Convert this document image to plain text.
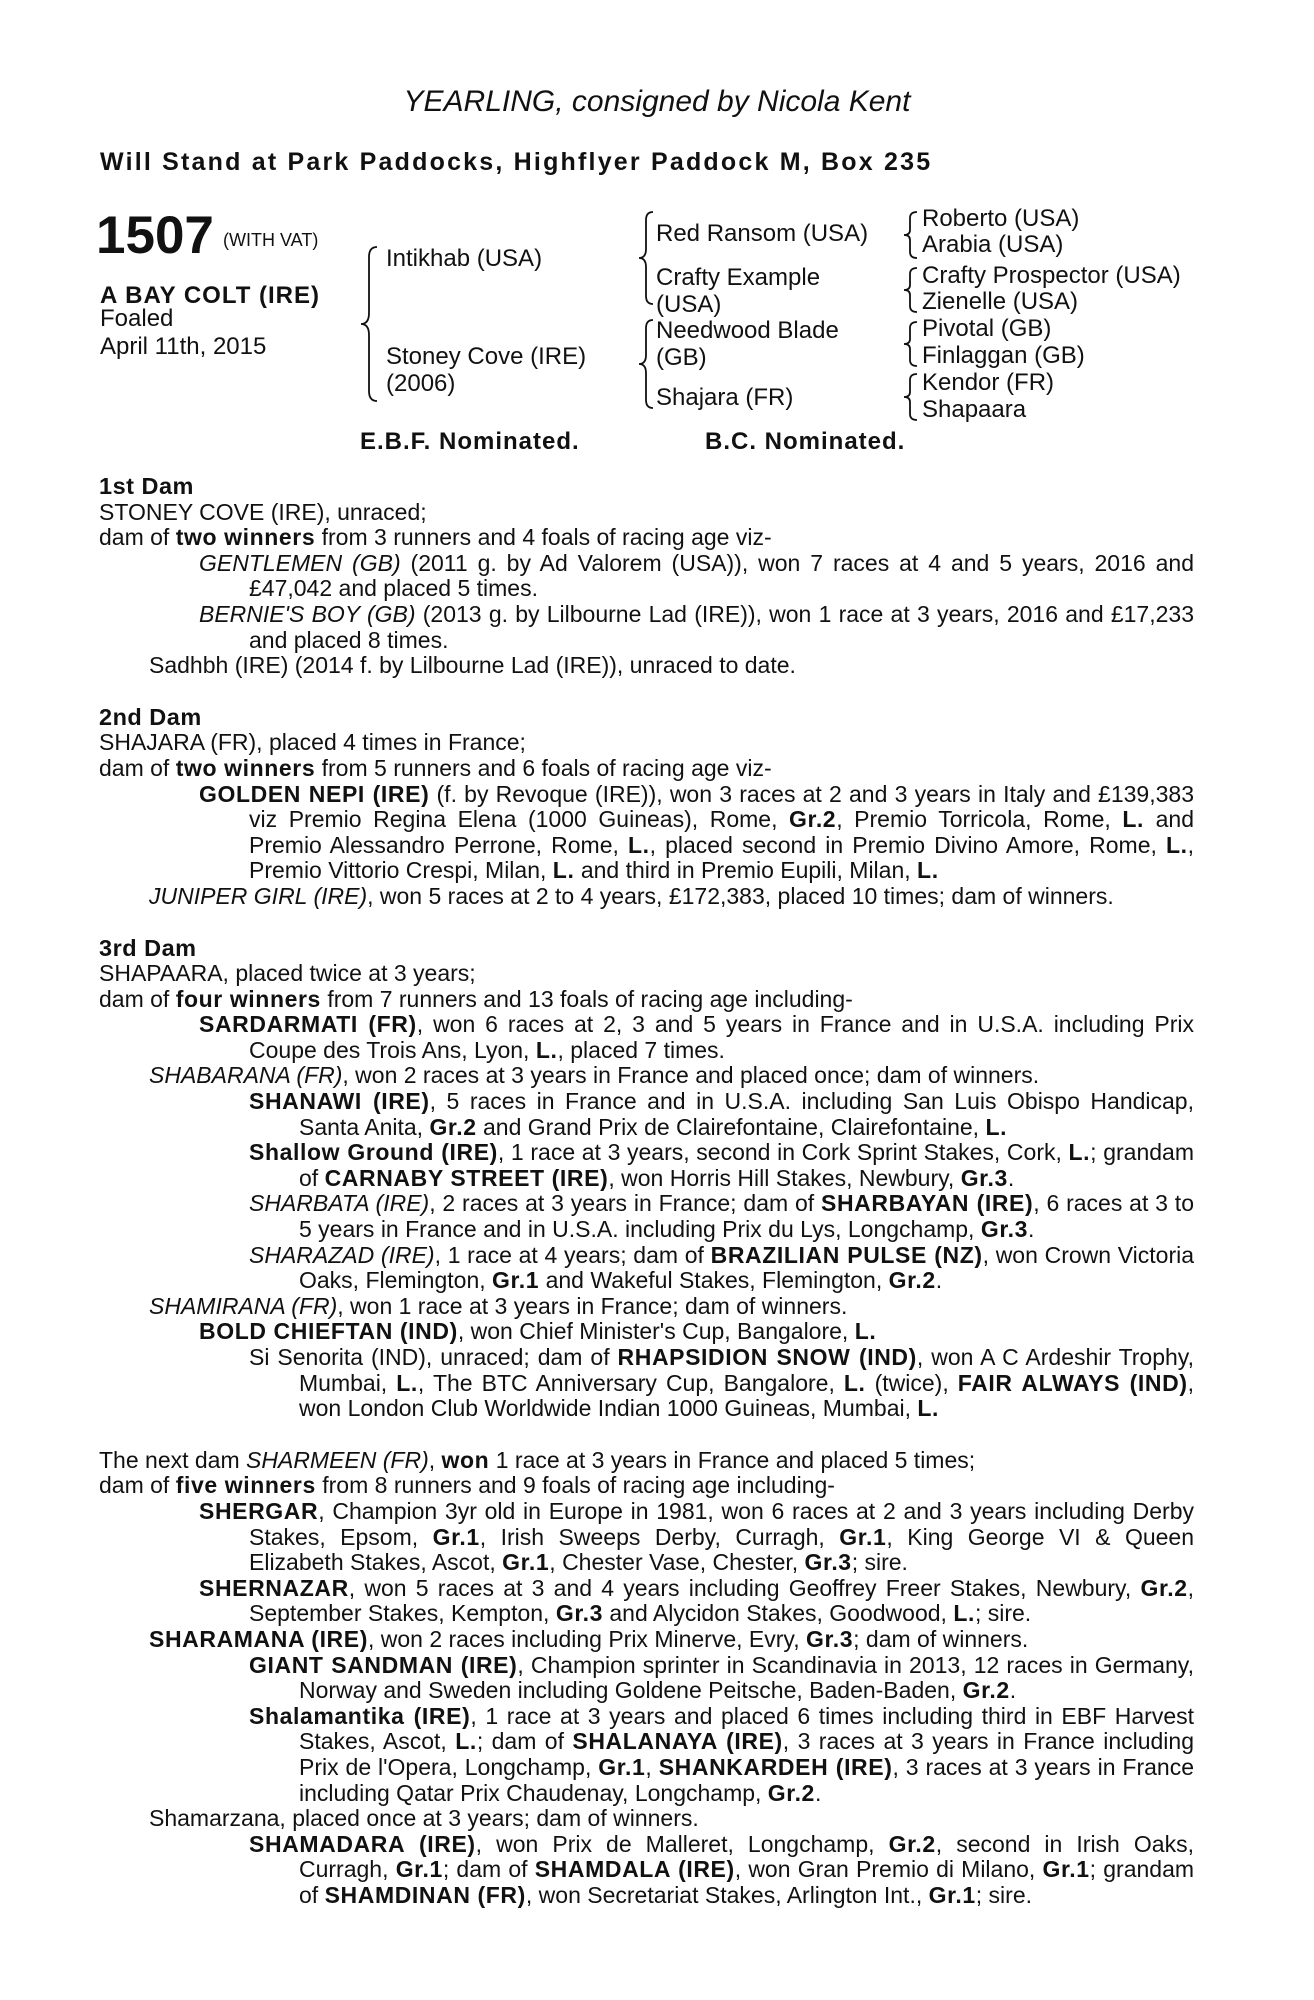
YEARLING, consigned by Nicola Kent
Will Stand at Park Paddocks, Highflyer Paddock M, Box 235
1507 (WITH VAT)
A BAY COLT (IRE)
Foaled
April 11th, 2015
Intikhab (USA)
Stoney Cove (IRE)
(2006)
Red Ransom (USA)
Crafty Example
(USA)
Needwood Blade
(GB)
Shajara (FR)
Roberto (USA)
Arabia (USA)
Crafty Prospector (USA)
Zienelle (USA)
Pivotal (GB)
Finlaggan (GB)
Kendor (FR)
Shapaara
E.B.F. Nominated.	B.C. Nominated.
1st Dam
STONEY COVE (IRE), unraced;
dam of two winners from 3 runners and 4 foals of racing age viz-
GENTLEMEN (GB) (2011 g. by Ad Valorem (USA)), won 7 races at 4 and 5 years, 2016 and £47,042 and placed 5 times.
BERNIE'S BOY (GB) (2013 g. by Lilbourne Lad (IRE)), won 1 race at 3 years, 2016 and £17,233 and placed 8 times.
Sadhbh (IRE) (2014 f. by Lilbourne Lad (IRE)), unraced to date.
2nd Dam
SHAJARA (FR), placed 4 times in France;
dam of two winners from 5 runners and 6 foals of racing age viz-
GOLDEN NEPI (IRE) (f. by Revoque (IRE)), won 3 races at 2 and 3 years in Italy and £139,383 viz Premio Regina Elena (1000 Guineas), Rome, Gr.2, Premio Torricola, Rome, L. and Premio Alessandro Perrone, Rome, L., placed second in Premio Divino Amore, Rome, L., Premio Vittorio Crespi, Milan, L. and third in Premio Eupili, Milan, L.
JUNIPER GIRL (IRE), won 5 races at 2 to 4 years, £172,383, placed 10 times; dam of winners.
3rd Dam
SHAPAARA, placed twice at 3 years;
dam of four winners from 7 runners and 13 foals of racing age including-
SARDARMATI (FR), won 6 races at 2, 3 and 5 years in France and in U.S.A. including Prix Coupe des Trois Ans, Lyon, L., placed 7 times.
SHABARANA (FR), won 2 races at 3 years in France and placed once; dam of winners.
SHANAWI (IRE), 5 races in France and in U.S.A. including San Luis Obispo Handicap, Santa Anita, Gr.2 and Grand Prix de Clairefontaine, Clairefontaine, L.
Shallow Ground (IRE), 1 race at 3 years, second in Cork Sprint Stakes, Cork, L.; grandam of CARNABY STREET (IRE), won Horris Hill Stakes, Newbury, Gr.3.
SHARBATA (IRE), 2 races at 3 years in France; dam of SHARBAYAN (IRE), 6 races at 3 to 5 years in France and in U.S.A. including Prix du Lys, Longchamp, Gr.3.
SHARAZAD (IRE), 1 race at 4 years; dam of BRAZILIAN PULSE (NZ), won Crown Victoria Oaks, Flemington, Gr.1 and Wakeful Stakes, Flemington, Gr.2.
SHAMIRANA (FR), won 1 race at 3 years in France; dam of winners.
BOLD CHIEFTAN (IND), won Chief Minister's Cup, Bangalore, L.
Si Senorita (IND), unraced; dam of RHAPSIDION SNOW (IND), won A C Ardeshir Trophy, Mumbai, L., The BTC Anniversary Cup, Bangalore, L. (twice), FAIR ALWAYS (IND), won London Club Worldwide Indian 1000 Guineas, Mumbai, L.
The next dam SHARMEEN (FR), won 1 race at 3 years in France and placed 5 times;
dam of five winners from 8 runners and 9 foals of racing age including-
SHERGAR, Champion 3yr old in Europe in 1981, won 6 races at 2 and 3 years including Derby Stakes, Epsom, Gr.1, Irish Sweeps Derby, Curragh, Gr.1, King George VI & Queen Elizabeth Stakes, Ascot, Gr.1, Chester Vase, Chester, Gr.3; sire.
SHERNAZAR, won 5 races at 3 and 4 years including Geoffrey Freer Stakes, Newbury, Gr.2, September Stakes, Kempton, Gr.3 and Alycidon Stakes, Goodwood, L.; sire.
SHARAMANA (IRE), won 2 races including Prix Minerve, Evry, Gr.3; dam of winners.
GIANT SANDMAN (IRE), Champion sprinter in Scandinavia in 2013, 12 races in Germany, Norway and Sweden including Goldene Peitsche, Baden-Baden, Gr.2.
Shalamantika (IRE), 1 race at 3 years and placed 6 times including third in EBF Harvest Stakes, Ascot, L.; dam of SHALANAYA (IRE), 3 races at 3 years in France including Prix de l'Opera, Longchamp, Gr.1, SHANKARDEH (IRE), 3 races at 3 years in France including Qatar Prix Chaudenay, Longchamp, Gr.2.
Shamarzana, placed once at 3 years; dam of winners.
SHAMADARA (IRE), won Prix de Malleret, Longchamp, Gr.2, second in Irish Oaks, Curragh, Gr.1; dam of SHAMDALA (IRE), won Gran Premio di Milano, Gr.1; grandam of SHAMDINAN (FR), won Secretariat Stakes, Arlington Int., Gr.1; sire.
